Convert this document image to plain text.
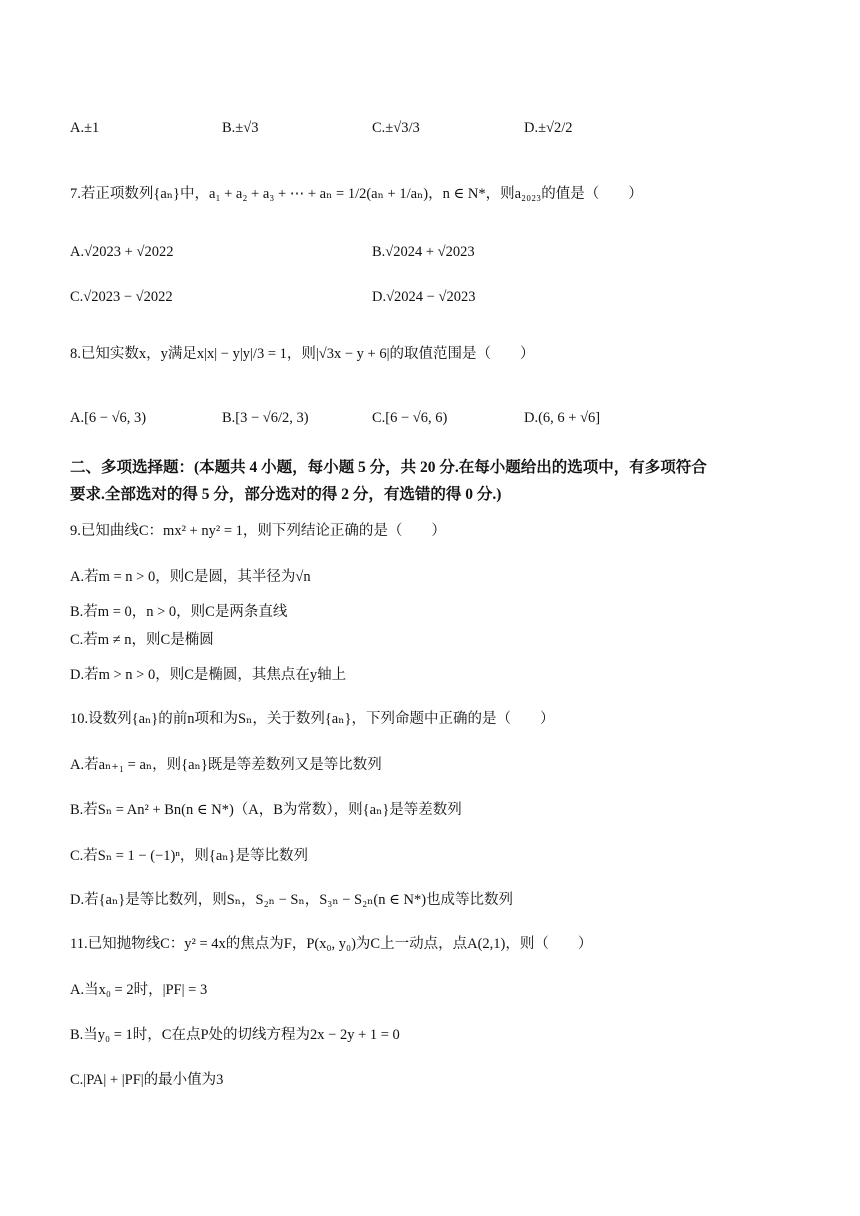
A.±1	B.±√3	C.±√3/3	D.±√2/2
7.若正项数列{aₙ}中，a₁ + a₂ + a₃ + ⋯ + aₙ = 1/2(aₙ + 1/aₙ)，n ∈ N*，则a₂₀₂₃的值是（　　）
A.√2023 + √2022	B.√2024 + √2023
C.√2023 − √2022	D.√2024 − √2023
8.已知实数x，y满足x|x| − y|y|/3 = 1，则|√3x − y + 6|的取值范围是（　　）
A.[6 − √6, 3)	B.[3 − √6/2, 3)	C.[6 − √6, 6)	D.(6, 6 + √6]
二、多项选择题：(本题共 4 小题，每小题 5 分，共 20 分.在每小题给出的选项中，有多项符合
要求.全部选对的得 5 分，部分选对的得 2 分，有选错的得 0 分.)
9.已知曲线C：mx² + ny² = 1，则下列结论正确的是（　　）
A.若m = n > 0，则C是圆，其半径为√n
B.若m = 0，n > 0，则C是两条直线
C.若m ≠ n，则C是椭圆
D.若m > n > 0，则C是椭圆，其焦点在y轴上
10.设数列{aₙ}的前n项和为Sₙ，关于数列{aₙ}，下列命题中正确的是（　　）
A.若aₙ₊₁ = aₙ，则{aₙ}既是等差数列又是等比数列
B.若Sₙ = An² + Bn(n ∈ N*)（A，B为常数），则{aₙ}是等差数列
C.若Sₙ = 1 − (−1)ⁿ，则{aₙ}是等比数列
D.若{aₙ}是等比数列，则Sₙ，S₂ₙ − Sₙ，S₃ₙ − S₂ₙ(n ∈ N*)也成等比数列
11.已知抛物线C：y² = 4x的焦点为F，P(x₀, y₀)为C上一动点，点A(2,1)，则（　　）
A.当x₀ = 2时，|PF| = 3
B.当y₀ = 1时，C在点P处的切线方程为2x − 2y + 1 = 0
C.|PA| + |PF|的最小值为3
